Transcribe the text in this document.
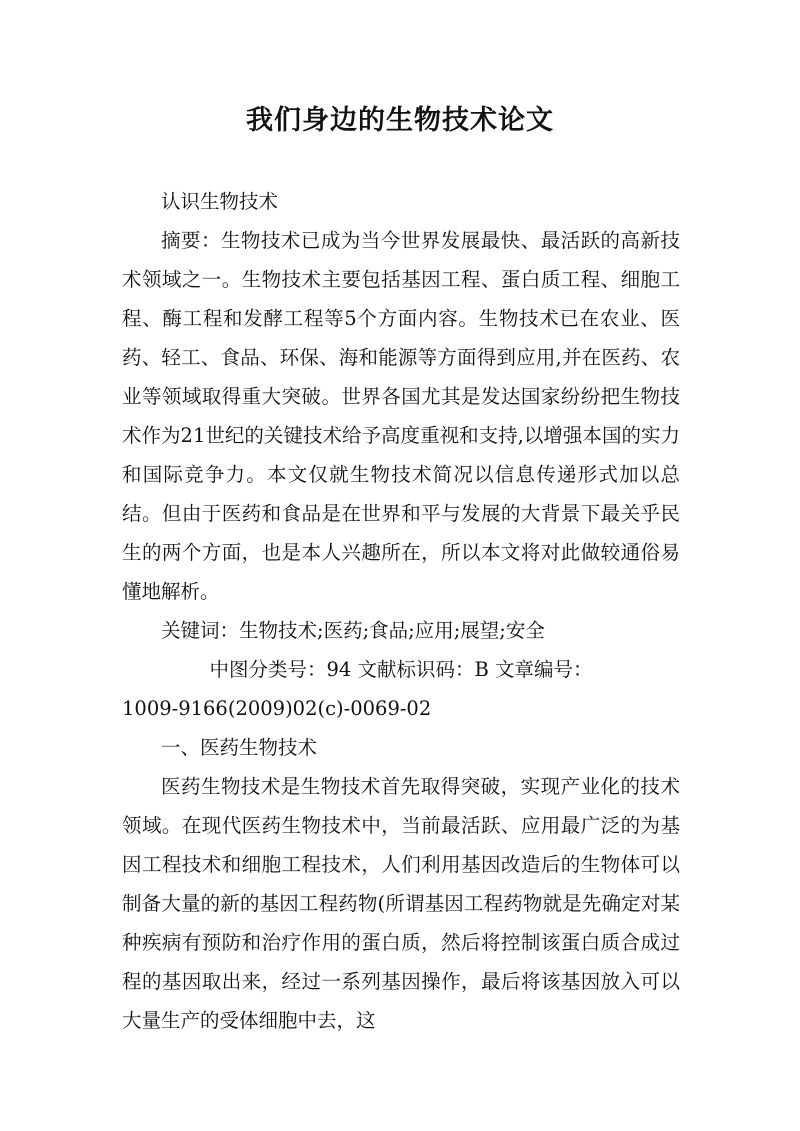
我们身边的生物技术论文

认识生物技术

摘要：生物技术已成为当今世界发展最快、最活跃的高新技术领域之一。生物技术主要包括基因工程、蛋白质工程、细胞工程、酶工程和发酵工程等5个方面内容。生物技术已在农业、医药、轻工、食品、环保、海和能源等方面得到应用,并在医药、农业等领域取得重大突破。世界各国尤其是发达国家纷纷把生物技术作为21世纪的关键技术给予高度重视和支持,以增强本国的实力和国际竞争力。本文仅就生物技术简况以信息传递形式加以总结。但由于医药和食品是在世界和平与发展的大背景下最关乎民生的两个方面，也是本人兴趣所在，所以本文将对此做较通俗易懂地解析。

关键词：生物技术;医药;食品;应用;展望;安全

中图分类号：94 文献标识码：B 文章编号：

1009-9166(2009)02(c)-0069-02

一、医药生物技术

医药生物技术是生物技术首先取得突破，实现产业化的技术领域。在现代医药生物技术中，当前最活跃、应用最广泛的为基因工程技术和细胞工程技术，人们利用基因改造后的生物体可以制备大量的新的基因工程药物(所谓基因工程药物就是先确定对某种疾病有预防和治疗作用的蛋白质，然后将控制该蛋白质合成过程的基因取出来，经过一系列基因操作，最后将该基因放入可以大量生产的受体细胞中去，这
